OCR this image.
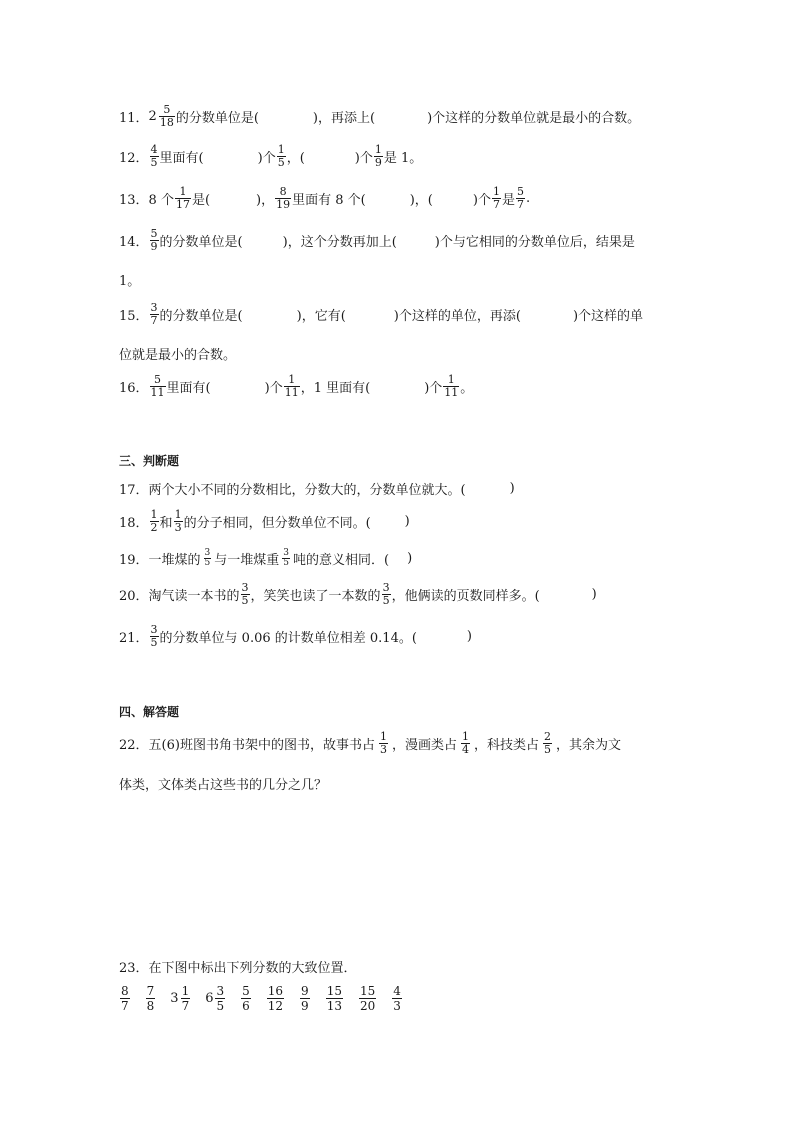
11． $2 \frac{5}{18}$ 的分数单位是(	)，再添上(	)个这样的分数单位就是最小的合数。
12． $\frac{4}{5}$ 里面有(	)个 $\frac{1}{5}$ ，(	)个 $\frac{1}{9}$ 是 1。
13． 8 个 $\frac{1}{17}$ 是(	)， $\frac{8}{19}$ 里面有 8 个(	)，(	)个 $\frac{1}{7}$ 是 $\frac{5}{7}$ .
14． $\frac{5}{9}$ 的分数单位是(	)，这个分数再加上(	)个与它相同的分数单位后，结果是
1。
15． $\frac{3}{7}$ 的分数单位是(	)，它有(	)个这样的单位，再添(	)个这样的单
位就是最小的合数。
16． $\frac{5}{11}$ 里面有(	)个 $\frac{1}{11}$ ，1 里面有(	)个 $\frac{1}{11}$ 。
三、判断题
17．两个大小不同的分数相比，分数大的，分数单位就大。(	)
18． $\frac{1}{2}$ 和 $\frac{1}{3}$ 的分子相同，但分数单位不同。(	)
19．一堆煤的 $\frac{3}{5}$ 与一堆煤重 $\frac{3}{5}$ 吨的意义相同．( )
20．淘气读一本书的 $\frac{3}{5}$ ，笑笑也读了一本数的 $\frac{3}{5}$ ，他俩读的页数同样多。(	)
21． $\frac{3}{5}$ 的分数单位与 0.06 的计数单位相差 0.14。(	)
四、解答题
22．五(6)班图书角书架中的图书，故事书占 $\frac{1}{3}$ ，漫画类占 $\frac{1}{4}$ ，科技类占 $\frac{2}{5}$ ，其余为文
体类，文体类占这些书的几分之几？
23．在下图中标出下列分数的大致位置．
$\frac{8}{7} \frac{7}{8} 3 \frac{1}{7} 6 \frac{3}{5} \frac{5}{6} \frac{16}{12} \frac{9}{9} \frac{15}{13} \frac{15}{20} \frac{4}{3}$
